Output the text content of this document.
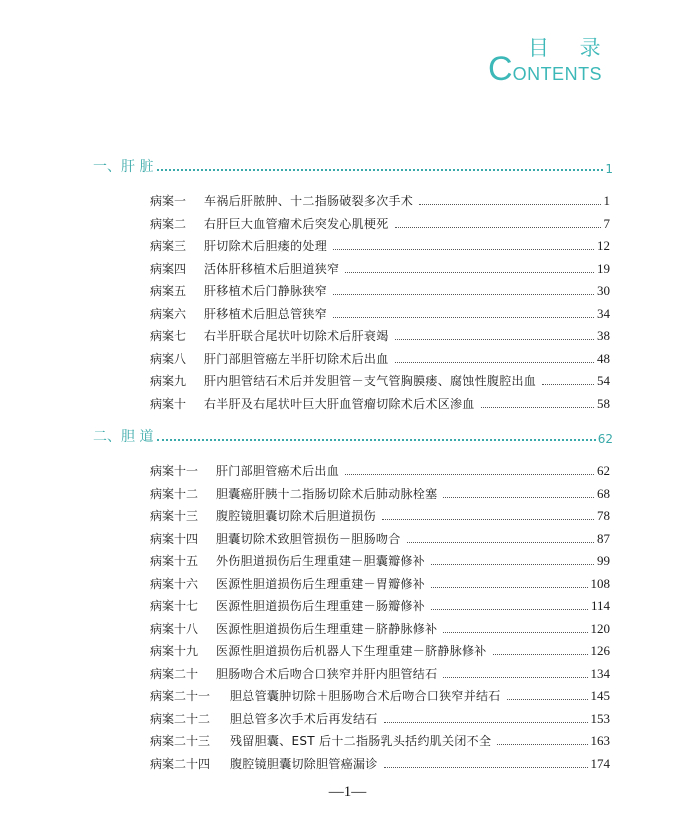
目 录
CONTENTS
一、肝 脏	1
病案一	车祸后肝脓肿、十二指肠破裂多次手术	1
病案二	右肝巨大血管瘤术后突发心肌梗死	7
病案三	肝切除术后胆瘘的处理	12
病案四	活体肝移植术后胆道狭窄	19
病案五	肝移植术后门静脉狭窄	30
病案六	肝移植术后胆总管狭窄	34
病案七	右半肝联合尾状叶切除术后肝衰竭	38
病案八	肝门部胆管癌左半肝切除术后出血	48
病案九	肝内胆管结石术后并发胆管－支气管胸膜瘘、腐蚀性腹腔出血	54
病案十	右半肝及右尾状叶巨大肝血管瘤切除术后术区渗血	58
二、胆 道	62
病案十一	肝门部胆管癌术后出血	62
病案十二	胆囊癌肝胰十二指肠切除术后肺动脉栓塞	68
病案十三	腹腔镜胆囊切除术后胆道损伤	78
病案十四	胆囊切除术致胆管损伤－胆肠吻合	87
病案十五	外伤胆道损伤后生理重建－胆囊瓣修补	99
病案十六	医源性胆道损伤后生理重建－胃瓣修补	108
病案十七	医源性胆道损伤后生理重建－肠瓣修补	114
病案十八	医源性胆道损伤后生理重建－脐静脉修补	120
病案十九	医源性胆道损伤后机器人下生理重建－脐静脉修补	126
病案二十	胆肠吻合术后吻合口狭窄并肝内胆管结石	134
病案二十一	胆总管囊肿切除＋胆肠吻合术后吻合口狭窄并结石	145
病案二十二	胆总管多次手术后再发结石	153
病案二十三	残留胆囊、EST 后十二指肠乳头括约肌关闭不全	163
病案二十四	腹腔镜胆囊切除胆管癌漏诊	174
—1—
